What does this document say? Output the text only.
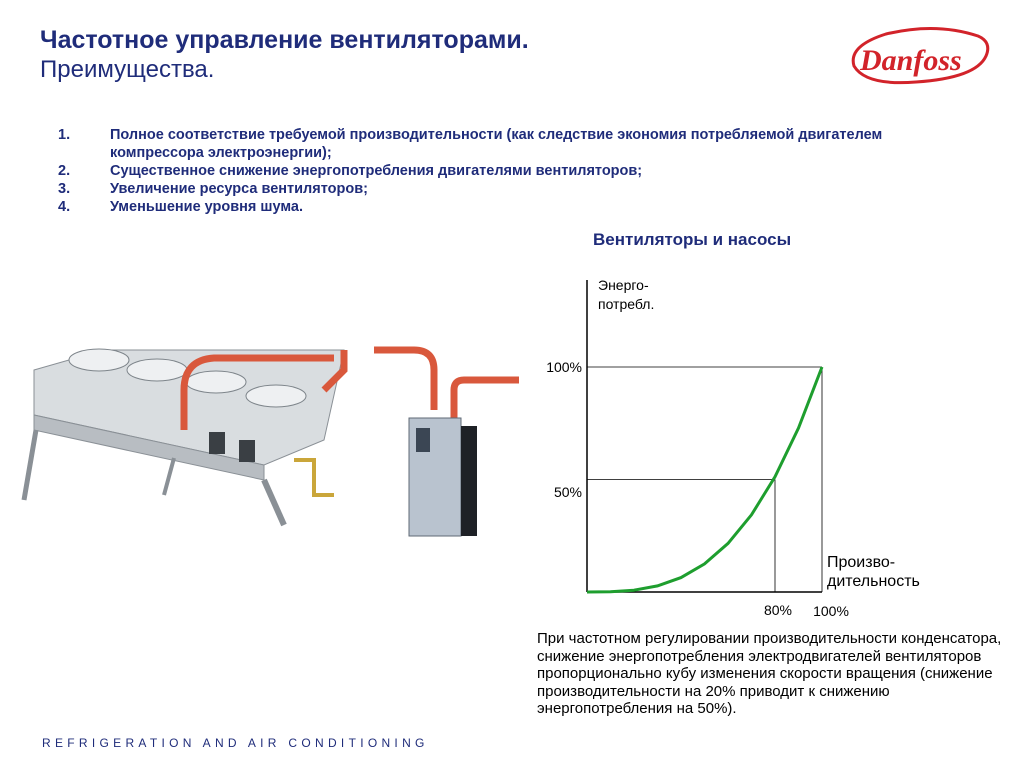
Частотное управление вентиляторами.
Преимущества.	Danfoss
1.	Полное соответствие требуемой производительности (как следствие экономия потребляемой двигателем компрессора электроэнергии);
2.	Существенное снижение энергопотребления двигателями вентиляторов;
3.	Увеличение ресурса вентиляторов;
4.	Уменьшение уровня шума.
Вентиляторы и насосы
Энерго-
потребл.
Произво-
дительность
50%
100%
80% 100%
При частотном регулировании производительности конденсатора, снижение энергопотребления электродвигателей вентиляторов пропорционально кубу изменения скорости вращения (снижение производительности на 20% приводит к снижению энергопотребления на 50%).
REFRIGERATION AND AIR CONDITIONING
